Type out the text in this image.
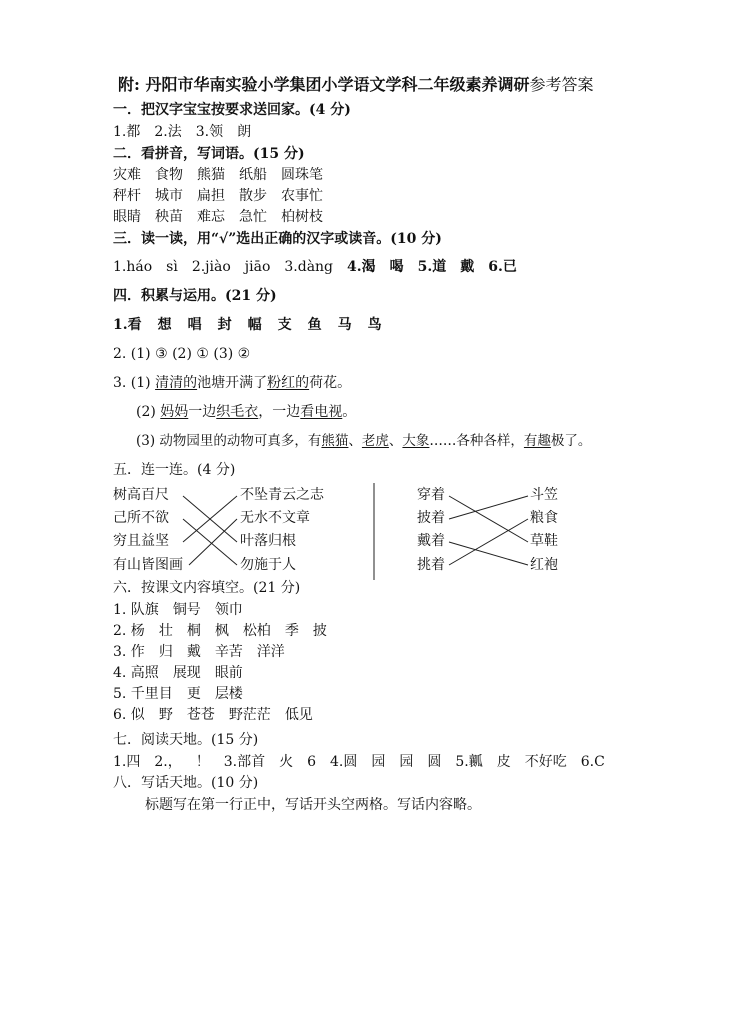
附: 丹阳市华南实验小学集团小学语文学科二年级素养调研参考答案
一．把汉字宝宝按要求送回家。(4 分)
1.都 2.法 3.领 朗
二．看拼音，写词语。(15 分)
灾难 食物 熊猫 纸船 圆珠笔
秤杆 城市 扁担 散步 农事忙
眼睛 秧苗 难忘 急忙 柏树枝
三．读一读，用“√”选出正确的汉字或读音。(10 分)
1.háo sì 2.jiào jiāo 3.dàng 4.渴 喝 5.道 戴 6.已
四．积累与运用。(21 分)
1.看 想 唱 封 幅 支 鱼 马 鸟
2. (1) ③ (2) ① (3) ②
3. (1) 清清的池塘开满了粉红的荷花。
(2) 妈妈一边织毛衣，一边看电视。
(3) 动物园里的动物可真多，有熊猫、老虎、大象……各种各样，有趣极了。
五．连一连。(4 分)
树高百尺
己所不欲
穷且益坚
有山皆图画
不坠青云之志
无水不文章
叶落归根
勿施于人
穿着
披着
戴着
挑着
斗笠
粮食
草鞋
红袍
六．按课文内容填空。(21 分)
1. 队旗 铜号 领巾
2. 杨 壮 桐 枫 松柏 季 披
3. 作 归 戴 辛苦 洋洋
4. 高照 展现 眼前
5. 千里目 更 层楼
6. 似 野 苍苍 野茫茫 低见
七．阅读天地。(15 分)
1.四 2.， ！ 3.部首 火 6 4.圆 园 园 圆 5.瓤 皮 不好吃 6.C
八．写话天地。(10 分)
标题写在第一行正中，写话开头空两格。写话内容略。
